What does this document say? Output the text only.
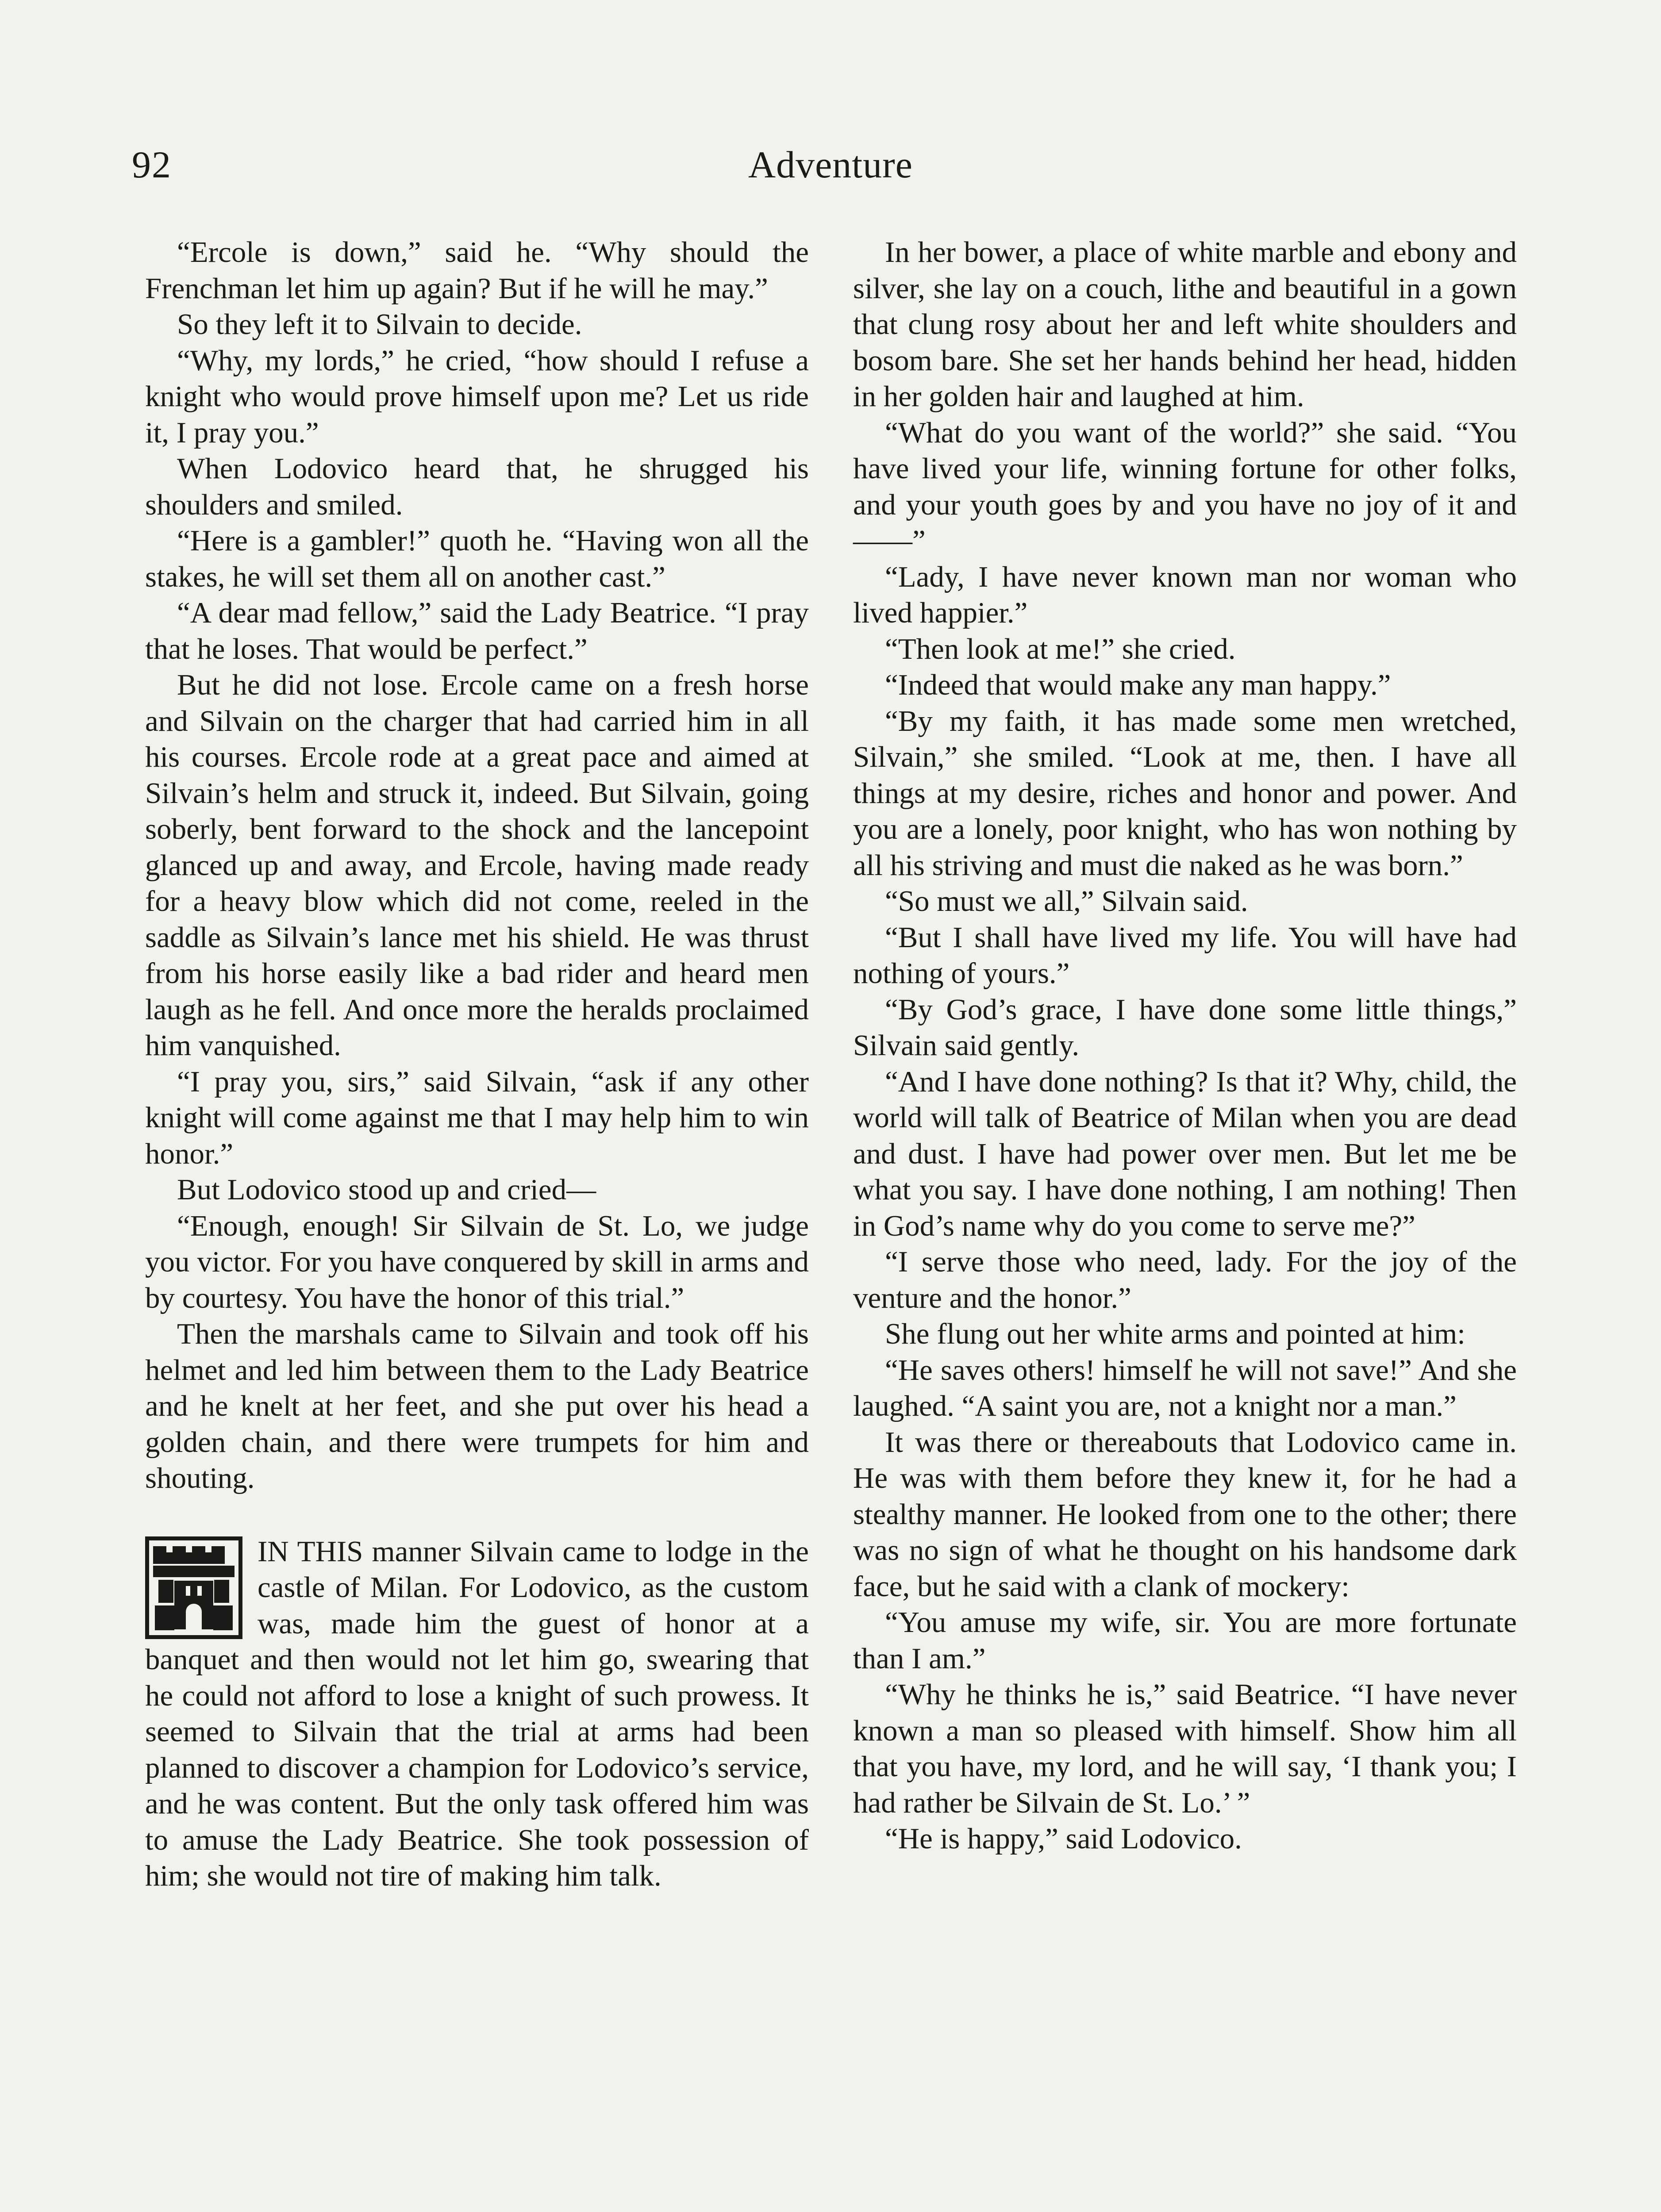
92	Adventure

“Ercole is down,” said he. “Why should the Frenchman let him up again? But if he will he may.”

So they left it to Silvain to decide.

“Why, my lords,” he cried, “how should I refuse a knight who would prove himself upon me? Let us ride it, I pray you.”

When Lodovico heard that, he shrugged his shoulders and smiled.

“Here is a gambler!” quoth he. “Having won all the stakes, he will set them all on another cast.”

“A dear mad fellow,” said the Lady Beatrice. “I pray that he loses. That would be perfect.”

But he did not lose. Ercole came on a fresh horse and Silvain on the charger that had carried him in all his courses. Ercole rode at a great pace and aimed at Silvain’s helm and struck it, indeed. But Silvain, going soberly, bent forward to the shock and the lancepoint glanced up and away, and Ercole, having made ready for a heavy blow which did not come, reeled in the saddle as Silvain’s lance met his shield. He was thrust from his horse easily like a bad rider and heard men laugh as he fell. And once more the heralds proclaimed him vanquished.

“I pray you, sirs,” said Silvain, “ask if any other knight will come against me that I may help him to win honor.”

But Lodovico stood up and cried—

“Enough, enough! Sir Silvain de St. Lo, we judge you victor. For you have conquered by skill in arms and by courtesy. You have the honor of this trial.”

Then the marshals came to Silvain and took off his helmet and led him between them to the Lady Beatrice and he knelt at her feet, and she put over his head a golden chain, and there were trumpets for him and shouting.

IN THIS manner Silvain came to lodge in the castle of Milan. For Lodovico, as the custom was, made him the guest of honor at a banquet and then would not let him go, swearing that he could not afford to lose a knight of such prowess. It seemed to Silvain that the trial at arms had been planned to discover a champion for Lodovico’s service, and he was content. But the only task offered him was to amuse the Lady Beatrice. She took possession of him; she would not tire of making him talk.

In her bower, a place of white marble and ebony and silver, she lay on a couch, lithe and beautiful in a gown that clung rosy about her and left white shoulders and bosom bare. She set her hands behind her head, hidden in her golden hair and laughed at him.

“What do you want of the world?” she said. “You have lived your life, winning fortune for other folks, and your youth goes by and you have no joy of it and——”

“Lady, I have never known man nor woman who lived happier.”

“Then look at me!” she cried.

“Indeed that would make any man happy.”

“By my faith, it has made some men wretched, Silvain,” she smiled. “Look at me, then. I have all things at my desire, riches and honor and power. And you are a lonely, poor knight, who has won nothing by all his striving and must die naked as he was born.”

“So must we all,” Silvain said.

“But I shall have lived my life. You will have had nothing of yours.”

“By God’s grace, I have done some little things,” Silvain said gently.

“And I have done nothing? Is that it? Why, child, the world will talk of Beatrice of Milan when you are dead and dust. I have had power over men. But let me be what you say. I have done nothing, I am nothing! Then in God’s name why do you come to serve me?”

“I serve those who need, lady. For the joy of the venture and the honor.”

She flung out her white arms and pointed at him:

“He saves others! himself he will not save!” And she laughed. “A saint you are, not a knight nor a man.”

It was there or thereabouts that Lodovico came in. He was with them before they knew it, for he had a stealthy manner. He looked from one to the other; there was no sign of what he thought on his handsome dark face, but he said with a clank of mockery:

“You amuse my wife, sir. You are more fortunate than I am.”

“Why he thinks he is,” said Beatrice. “I have never known a man so pleased with himself. Show him all that you have, my lord, and he will say, ‘I thank you; I had rather be Silvain de St. Lo.’ ”

“He is happy,” said Lodovico.
